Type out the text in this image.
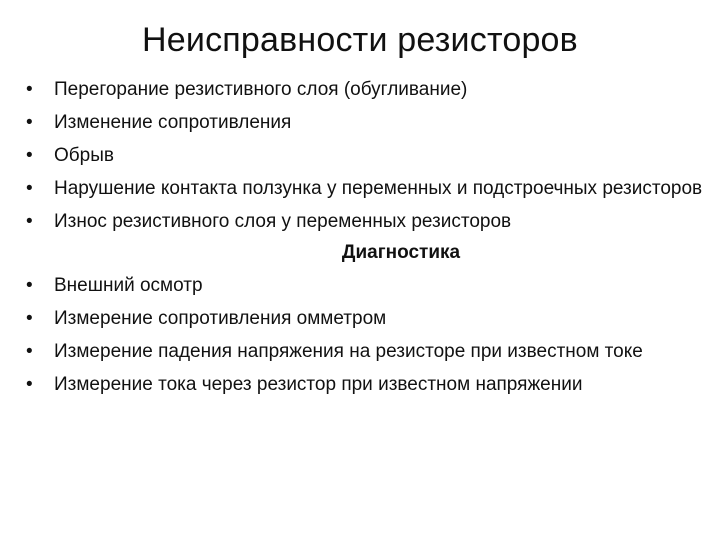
Неисправности резисторов
•	Перегорание резистивного слоя (обугливание)
•	Изменение сопротивления
•	Обрыв
•	Нарушение контакта ползунка у переменных и подстроечных резисторов
•	Износ резистивного слоя у переменных резисторов
Диагностика
•	Внешний осмотр
•	Измерение сопротивления омметром
•	Измерение падения напряжения на резисторе при известном токе
•	Измерение тока через резистор при известном напряжении
